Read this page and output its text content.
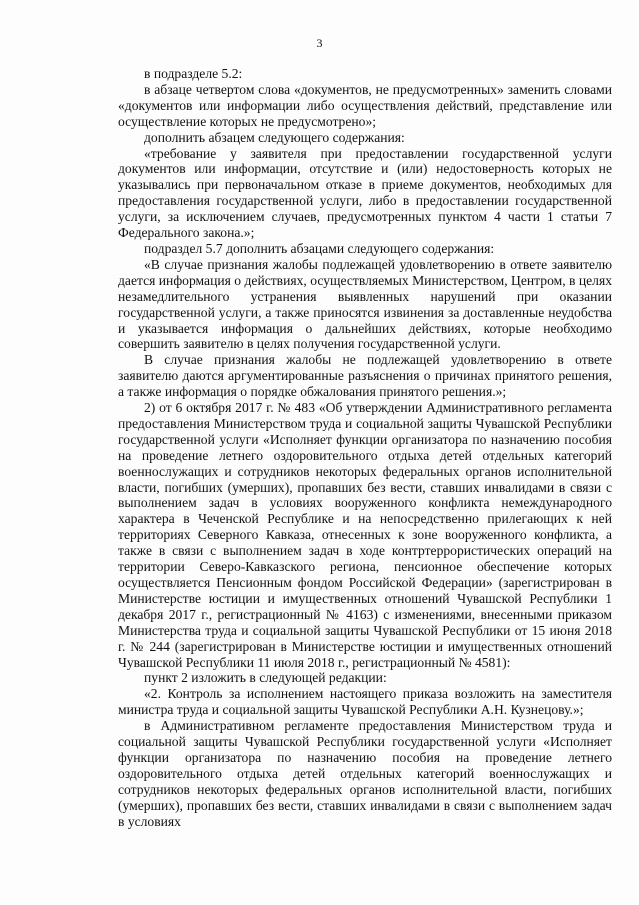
3

в подразделе 5.2:

в абзаце четвертом слова «документов, не предусмотренных» заменить словами «документов или информации либо осуществления действий, представление или осуществление которых не предусмотрено»;

дополнить абзацем следующего содержания:

«требование у заявителя при предоставлении государственной услуги документов или информации, отсутствие и (или) недостоверность которых не указывались при первоначальном отказе в приеме документов, необходимых для предоставления государственной услуги, либо в предоставлении государственной услуги, за исключением случаев, предусмотренных пунктом 4 части 1 статьи 7 Федерального закона.»;

подраздел 5.7 дополнить абзацами следующего содержания:

«В случае признания жалобы подлежащей удовлетворению в ответе заявителю дается информация о действиях, осуществляемых Министерством, Центром, в целях незамедлительного устранения выявленных нарушений при оказании государственной услуги, а также приносятся извинения за доставленные неудобства и указывается информация о дальнейших действиях, которые необходимо совершить заявителю в целях получения государственной услуги.

В случае признания жалобы не подлежащей удовлетворению в ответе заявителю даются аргументированные разъяснения о причинах принятого решения, а также информация о порядке обжалования принятого решения.»;

2) от 6 октября 2017 г. № 483 «Об утверждении Административного регламента предоставления Министерством труда и социальной защиты Чувашской Республики государственной услуги «Исполняет функции организатора по назначению пособия на проведение летнего оздоровительного отдыха детей отдельных категорий военнослужащих и сотрудников некоторых федеральных органов исполнительной власти, погибших (умерших), пропавших без вести, ставших инвалидами в связи с выполнением задач в условиях вооруженного конфликта немеждународного характера в Чеченской Республике и на непосредственно прилегающих к ней территориях Северного Кавказа, отнесенных к зоне вооруженного конфликта, а также в связи с выполнением задач в ходе контртеррористических операций на территории Северо-Кавказского региона, пенсионное обеспечение которых осуществляется Пенсионным фондом Российской Федерации» (зарегистрирован в Министерстве юстиции и имущественных отношений Чувашской Республики 1 декабря 2017 г., регистрационный № 4163) с изменениями, внесенными приказом Министерства труда и социальной защиты Чувашской Республики от 15 июня 2018 г. № 244 (зарегистрирован в Министерстве юстиции и имущественных отношений Чувашской Республики 11 июля 2018 г., регистрационный № 4581):

пункт 2 изложить в следующей редакции:

«2. Контроль за исполнением настоящего приказа возложить на заместителя министра труда и социальной защиты Чувашской Республики А.Н. Кузнецову.»;

в Административном регламенте предоставления Министерством труда и социальной защиты Чувашской Республики государственной услуги «Исполняет функции организатора по назначению пособия на проведение летнего оздоровительного отдыха детей отдельных категорий военнослужащих и сотрудников некоторых федеральных органов исполнительной власти, погибших (умерших), пропавших без вести, ставших инвалидами в связи с выполнением задач в условиях
